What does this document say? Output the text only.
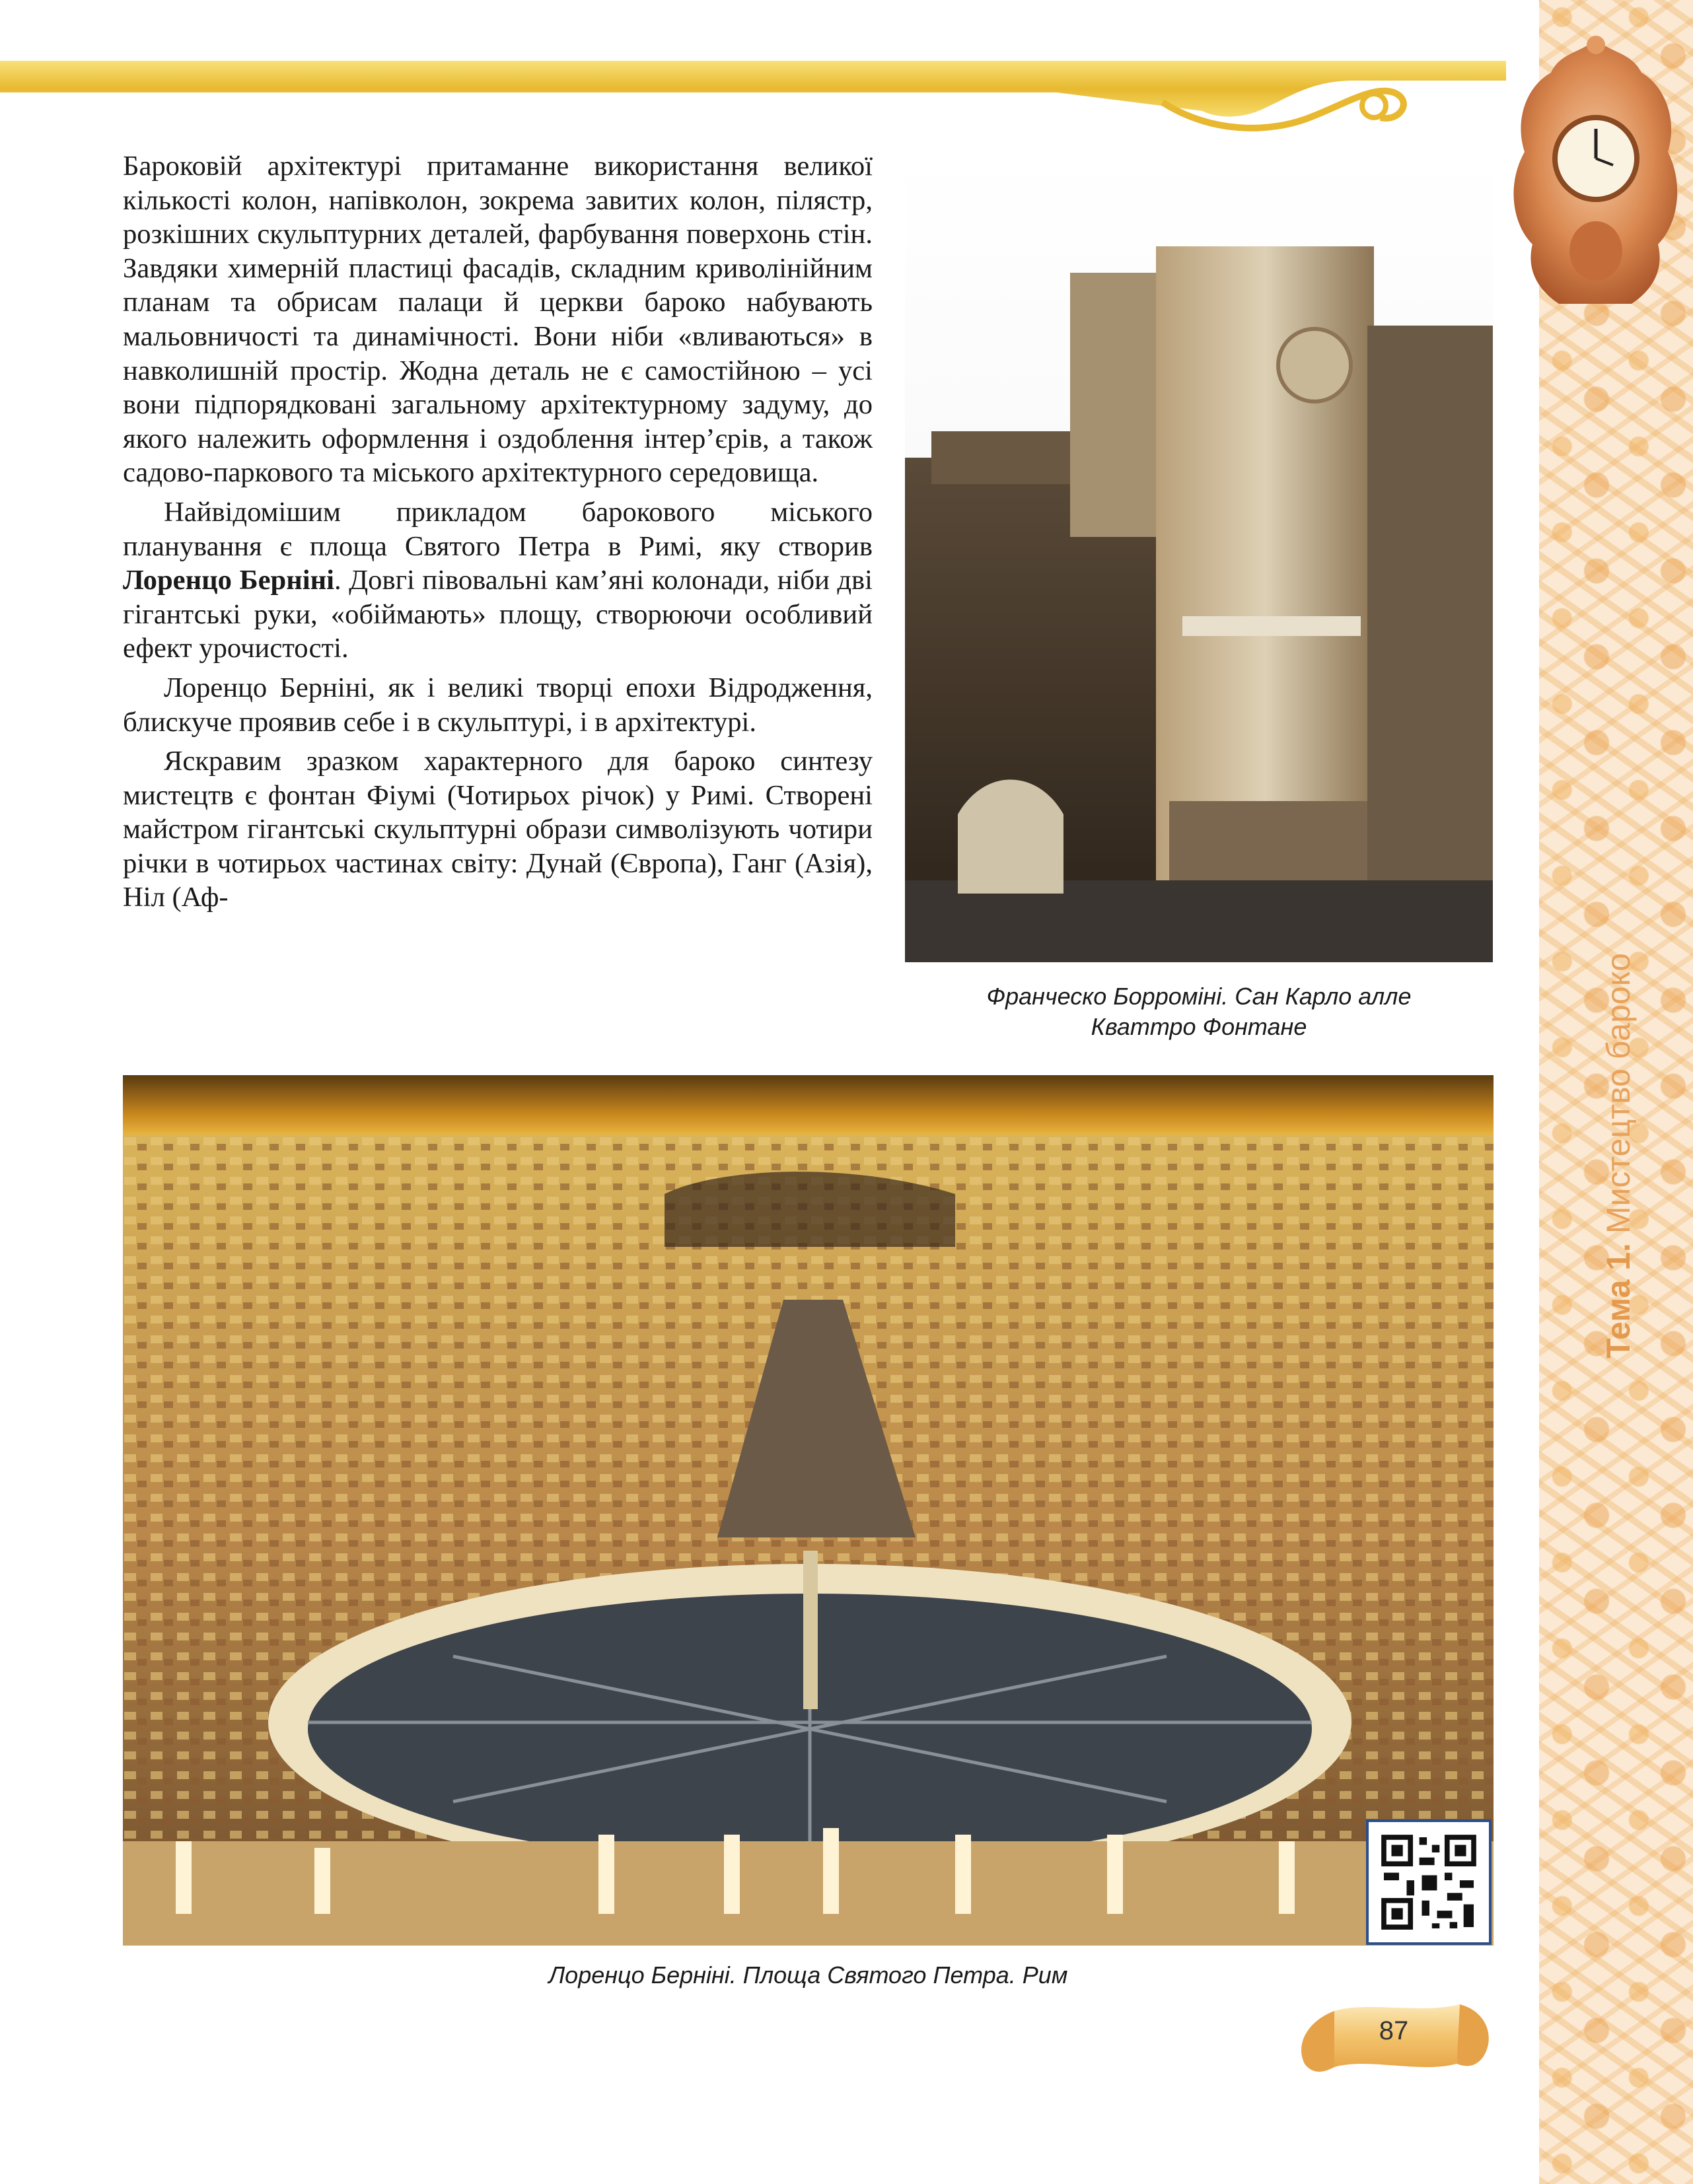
Тема 1. Мистецтво бароко

Бароковій архітектурі притаманне використання великої кількості колон, напівколон, зокрема завитих колон, пілястр, розкішних скульптурних деталей, фарбування поверхонь стін. Завдяки химерній пластиці фасадів, складним криволінійним планам та обрисам палаци й церкви бароко набувають мальовничості та динамічності. Вони ніби «вливаються» в навколишній простір. Жодна деталь не є самостійною – усі вони підпорядковані загальному архітектурному задуму, до якого належить оформлення і оздоблення інтер’єрів, а також садово-паркового та міського архітектурного середовища.

Найвідомішим прикладом барокового міського планування є площа Святого Петра в Римі, яку створив Лоренцо Берніні. Довгі півовальні кам’яні колонади, ніби дві гігантські руки, «обіймають» площу, створюючи особливий ефект урочистості.

Лоренцо Берніні, як і великі творці епохи Відродження, блискуче проявив себе і в скульптурі, і в архітектурі.

Яскравим зразком характерного для бароко синтезу мистецтв є фонтан Фіумі (Чотирьох річок) у Римі. Створені майстром гігантські скульптурні образи символізують чотири річки в чотирьох частинах світу: Дунай (Європа), Ганг (Азія), Ніл (Аф-

Франческо Борроміні. Сан Карло алле
Кваттро Фонтане
Лоренцо Берніні. Площа Святого Петра. Рим
87
